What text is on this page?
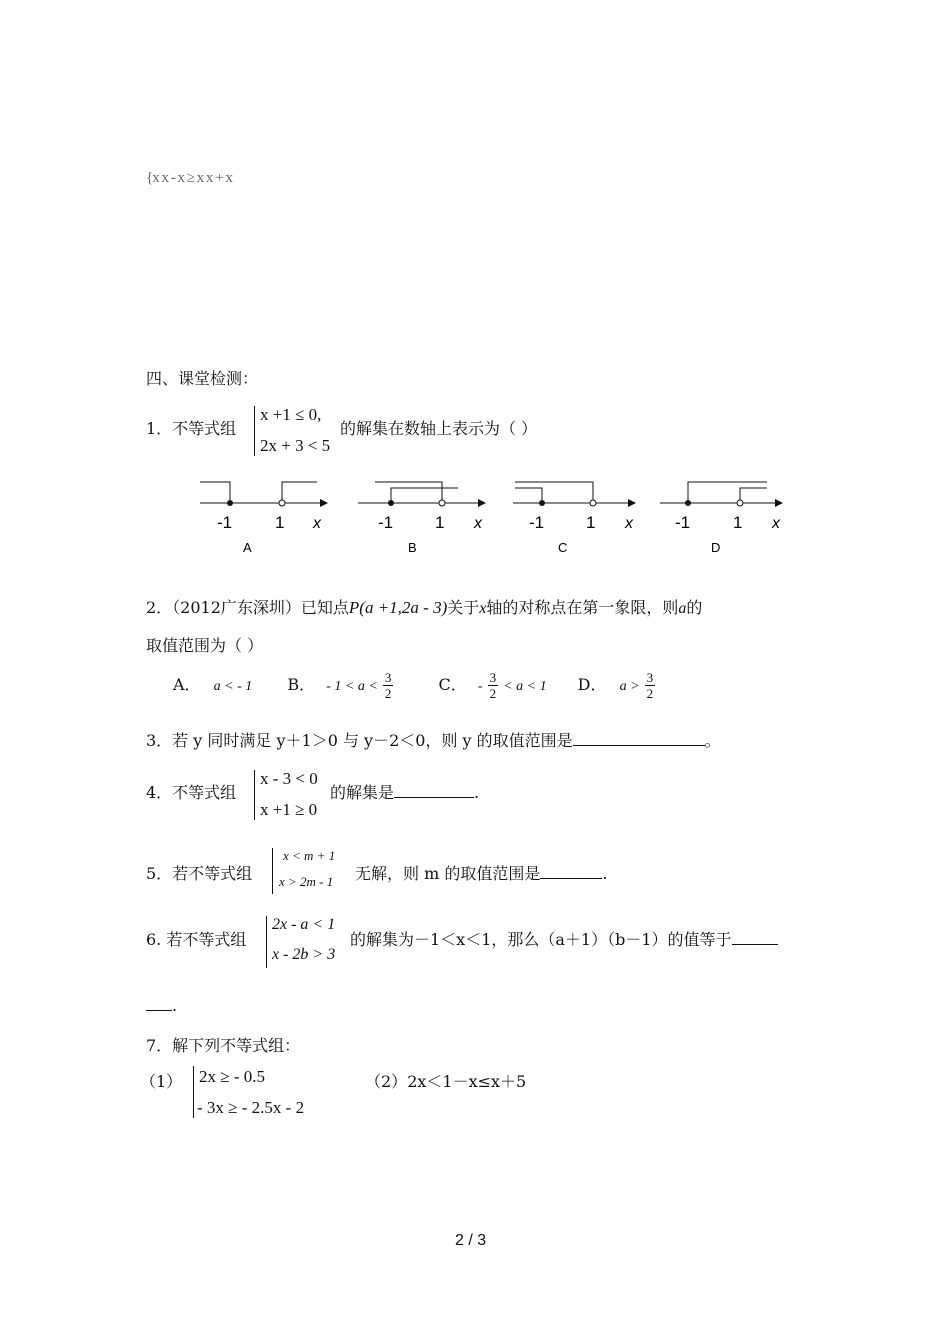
{x x - x ≥ x x + x
四、课堂检测：
1．不等式组
x +1 ≤ 0,
2x + 3 < 5
的解集在数轴上表示为（ ）
-1	1 x
A
-1 1 x
B
-1 1 x
C
-1	1 x
D
2．（2012广东深圳）已知点P(a +1,2a - 3)关于x轴的对称点在第一象限，则a的
取值范围为（ ）
A． a < - 1 B． - $1 < a < \frac{3}{2}$	C． - $\frac{3}{2} < a < 1$ D． $a > \frac{3}{2}$
3．若 y 同时满足 y＋1＞0 与 y－2＜0，则 y 的取值范围是	。
4．不等式组
x - 3 < 0
x +1 ≥ 0
的解集是	.
5．若不等式组
x < m + 1
x > 2m - 1 无解，则 m 的取值范围是	.
6. 若不等式组
2x - a < 1
x - 2b > 3
的解集为－1＜x＜1，那么（a＋1）（b－1）的值等于
.
7．解下列不等式组：
（1） 2x ≥ - 0.5
- 3x ≥ - 2.5x - 2
（2）2x＜1－x≤x＋5
2 / 3
